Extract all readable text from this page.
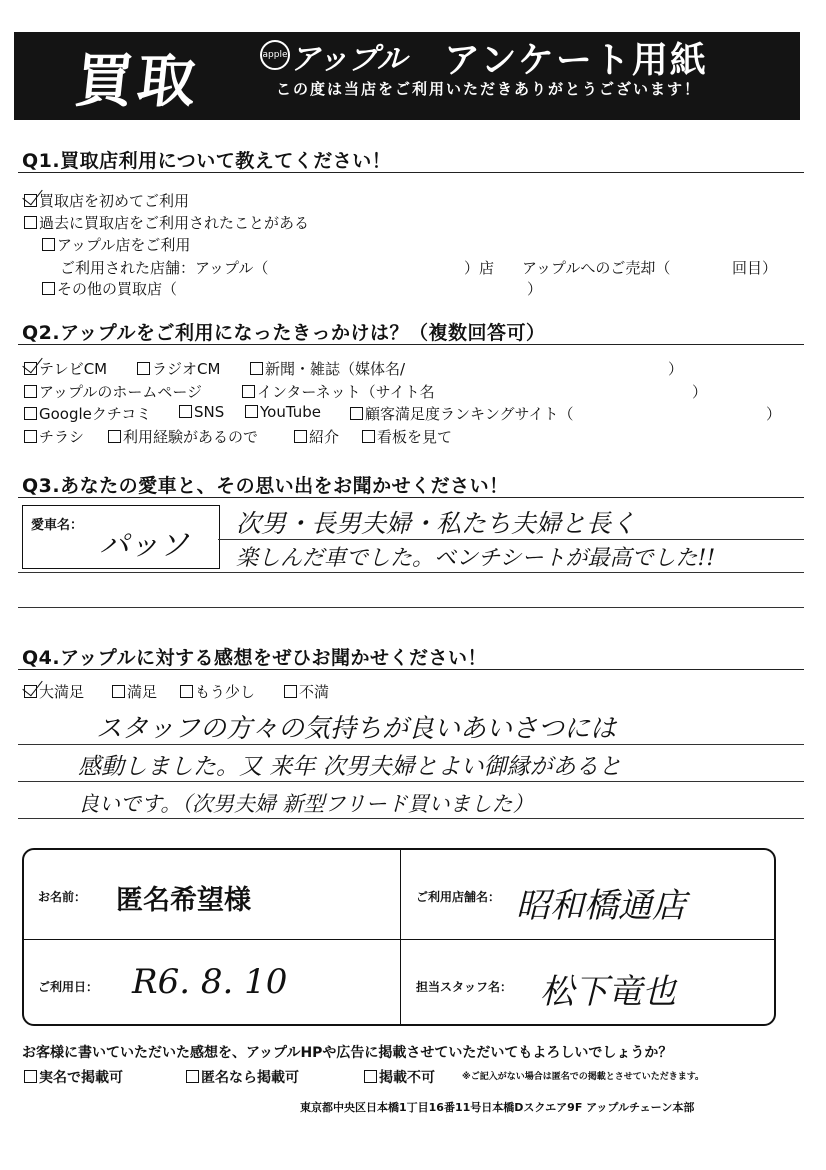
買取	apple アップル アンケート用紙
この度は当店をご利用いただきありがとうございます！
Q1.買取店利用について教えてください！
買取店を初めてご利用
過去に買取店をご利用されたことがある
アップル店をご利用
ご利用された店舗：アップル（	）店 アップルへのご売却（	回目）
その他の買取店（	）
Q2.アップルをご利用になったきっかけは？（複数回答可）
テレビCM	ラジオCM	新聞・雑誌（媒体名/	）
アップルのホームページ	インターネット（サイト名	）
Googleクチコミ	SNS	YouTube	顧客満足度ランキングサイト（	）
チラシ	利用経験があるので	紹介	看板を見て
Q3.あなたの愛車と、その思い出をお聞かせください！
愛車名：
パッソ
次男・長男夫婦・私たち夫婦と長く
楽しんだ車でした。ベンチシートが最高でした!!
Q4.アップルに対する感想をぜひお聞かせください！
大満足	満足	もう少し	不満
スタッフの方々の気持ちが良いあいさつには
感動しました。又 来年 次男夫婦とよい御縁があると
良いです。（次男夫婦 新型フリード買いました）
お名前： 匿名希望様	ご利用店舗名： 昭和橋通店
ご利用日： R6. 8. 10	担当スタッフ名： 松下竜也
お客様に書いていただいた感想を、アップルHPや広告に掲載させていただいてもよろしいでしょうか？
実名で掲載可	匿名なら掲載可	掲載不可	※ご記入がない場合は匿名での掲載とさせていただきます。
東京都中央区日本橋1丁目16番11号日本橋Dスクエア9F アップルチェーン本部
